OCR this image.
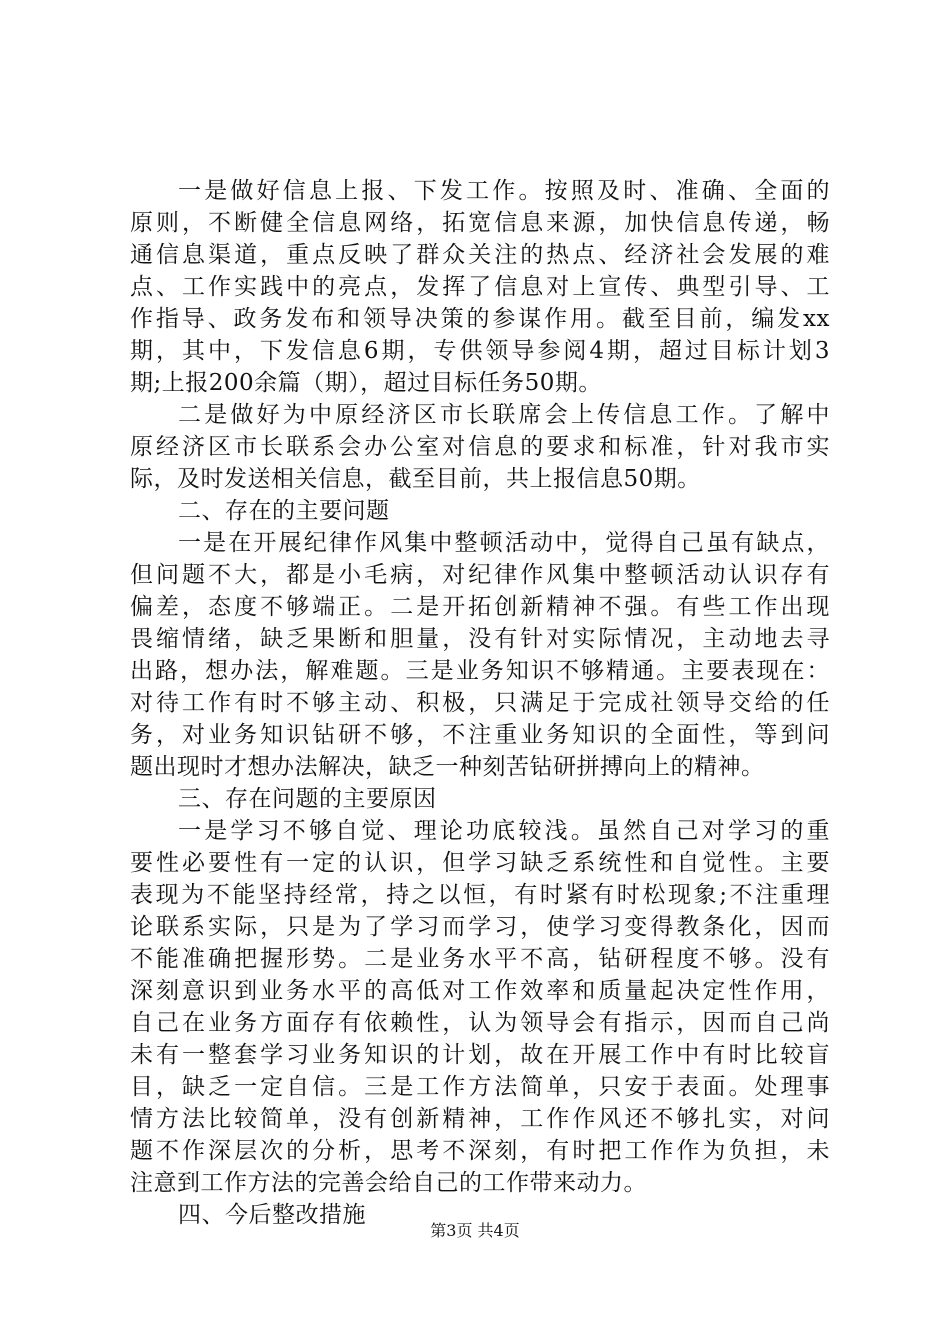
一是做好信息上报、下发工作。按照及时、准确、全面的
原则，不断健全信息网络，拓宽信息来源，加快信息传递，畅
通信息渠道，重点反映了群众关注的热点、经济社会发展的难
点、工作实践中的亮点，发挥了信息对上宣传、典型引导、工
作指导、政务发布和领导决策的参谋作用。截至目前，编发xx
期，其中，下发信息6期，专供领导参阅4期，超过目标计划3
期;上报200余篇（期），超过目标任务50期。
二是做好为中原经济区市长联席会上传信息工作。了解中
原经济区市长联系会办公室对信息的要求和标准，针对我市实
际，及时发送相关信息，截至目前，共上报信息50期。
二、存在的主要问题
一是在开展纪律作风集中整顿活动中，觉得自己虽有缺点，
但问题不大，都是小毛病，对纪律作风集中整顿活动认识存有
偏差，态度不够端正。二是开拓创新精神不强。有些工作出现
畏缩情绪，缺乏果断和胆量，没有针对实际情况，主动地去寻
出路，想办法，解难题。三是业务知识不够精通。主要表现在：
对待工作有时不够主动、积极，只满足于完成社领导交给的任
务，对业务知识钻研不够，不注重业务知识的全面性，等到问
题出现时才想办法解决，缺乏一种刻苦钻研拼搏向上的精神。
三、存在问题的主要原因
一是学习不够自觉、理论功底较浅。虽然自己对学习的重
要性必要性有一定的认识，但学习缺乏系统性和自觉性。主要
表现为不能坚持经常，持之以恒，有时紧有时松现象;不注重理
论联系实际，只是为了学习而学习，使学习变得教条化，因而
不能准确把握形势。二是业务水平不高，钻研程度不够。没有
深刻意识到业务水平的高低对工作效率和质量起决定性作用，
自己在业务方面存有依赖性，认为领导会有指示，因而自己尚
未有一整套学习业务知识的计划，故在开展工作中有时比较盲
目，缺乏一定自信。三是工作方法简单，只安于表面。处理事
情方法比较简单，没有创新精神，工作作风还不够扎实，对问
题不作深层次的分析，思考不深刻，有时把工作作为负担，未
注意到工作方法的完善会给自己的工作带来动力。
四、今后整改措施
第3页 共4页
